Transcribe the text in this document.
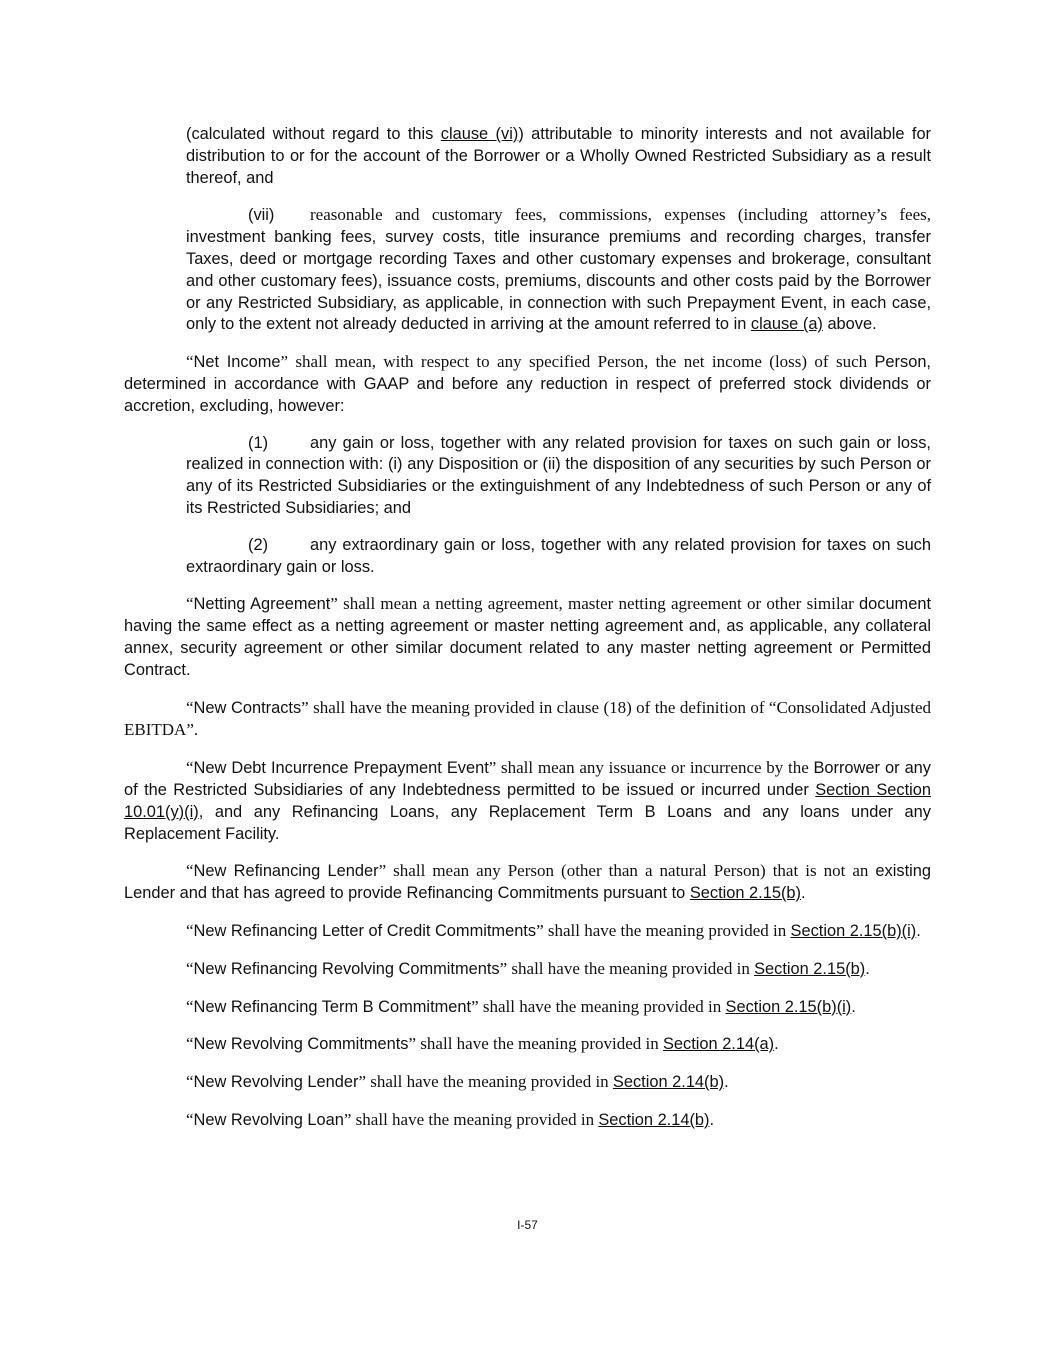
(calculated without regard to this clause (vi)) attributable to minority interests and not available for distribution to or for the account of the Borrower or a Wholly Owned Restricted Subsidiary as a result thereof, and

(vii) reasonable and customary fees, commissions, expenses (including attorney’s fees, investment banking fees, survey costs, title insurance premiums and recording charges, transfer Taxes, deed or mortgage recording Taxes and other customary expenses and brokerage, consultant and other customary fees), issuance costs, premiums, discounts and other costs paid by the Borrower or any Restricted Subsidiary, as applicable, in connection with such Prepayment Event, in each case, only to the extent not already deducted in arriving at the amount referred to in clause (a) above.

“Net Income” shall mean, with respect to any specified Person, the net income (loss) of such Person, determined in accordance with GAAP and before any reduction in respect of preferred stock dividends or accretion, excluding, however:

(1)	any gain or loss, together with any related provision for taxes on such gain or loss, realized in connection with: (i) any Disposition or (ii) the disposition of any securities by such Person or any of its Restricted Subsidiaries or the extinguishment of any Indebtedness of such Person or any of its Restricted Subsidiaries; and

(2)	any extraordinary gain or loss, together with any related provision for taxes on such extraordinary gain or loss.

“Netting Agreement” shall mean a netting agreement, master netting agreement or other similar document having the same effect as a netting agreement or master netting agreement and, as applicable, any collateral annex, security agreement or other similar document related to any master netting agreement or Permitted Contract.

“New Contracts” shall have the meaning provided in clause (18) of the definition of “Consolidated Adjusted EBITDA”.

“New Debt Incurrence Prepayment Event” shall mean any issuance or incurrence by the Borrower or any of the Restricted Subsidiaries of any Indebtedness permitted to be issued or incurred under Section Section 10.01(y)(i), and any Refinancing Loans, any Replacement Term B Loans and any loans under any Replacement Facility.

“New Refinancing Lender” shall mean any Person (other than a natural Person) that is not an existing Lender and that has agreed to provide Refinancing Commitments pursuant to Section 2.15(b).

“New Refinancing Letter of Credit Commitments” shall have the meaning provided in Section 2.15(b)(i).

“New Refinancing Revolving Commitments” shall have the meaning provided in Section 2.15(b).

“New Refinancing Term B Commitment” shall have the meaning provided in Section 2.15(b)(i).

“New Revolving Commitments” shall have the meaning provided in Section 2.14(a).

“New Revolving Lender” shall have the meaning provided in Section 2.14(b).

“New Revolving Loan” shall have the meaning provided in Section 2.14(b).

I-57
